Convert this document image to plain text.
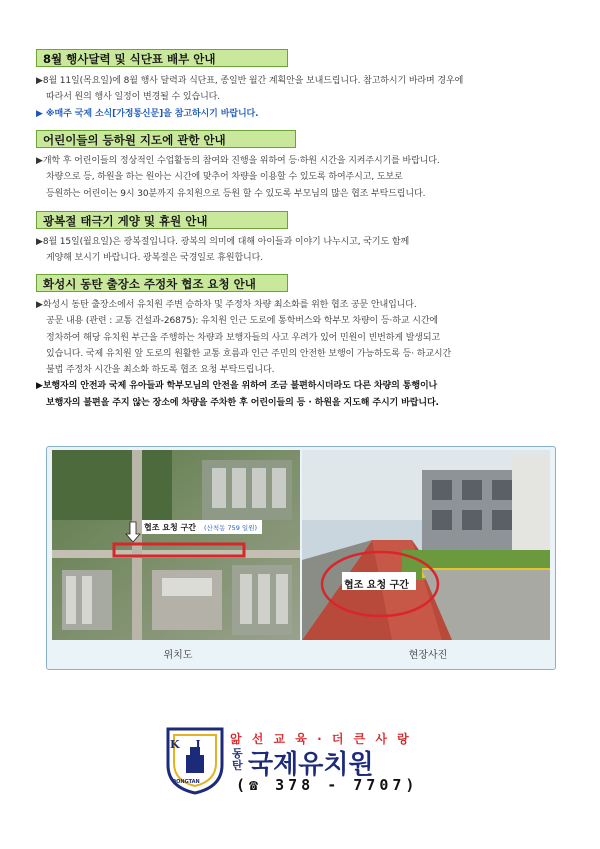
8월 행사달력 및 식단표 배부 안내

▶8월 11일(목요일)에 8월 행사 달력과 식단표, 종일반 월간 계획안을 보내드립니다. 참고하시기 바라며 경우에

따라서 원의 행사 일정이 변경될 수 있습니다.

▶ ※매주 국제 소식[가정통신문]을 참고하시기 바랍니다.

어린이들의 등하원 지도에 관한 안내

▶개학 후 어린이들의 정상적인 수업활동의 참여와 진행을 위하여 등·하원 시간을 지켜주시기를 바랍니다.

차량으로 등, 하원을 하는 원아는 시간에 맞추어 차량을 이용할 수 있도록 하여주시고, 도보로

등원하는 어린이는 9시 30분까지 유치원으로 등원 할 수 있도록 부모님의 많은 협조 부탁드립니다.

광복절 태극기 게양 및 휴원 안내

▶8월 15일(월요일)은 광복절입니다. 광복의 의미에 대해 아이들과 이야기 나누시고, 국기도 함께

게양해 보시기 바랍니다. 광복절은 국경일로 휴원합니다.

화성시 동탄 출장소 주정차 협조 요청 안내

▶화성시 동탄 출장소에서 유치원 주변 승하차 및 주정차 차량 최소화를 위한 협조 공문 안내입니다.

공문 내용 (관련 : 교통 건설과-26875): 유치원 인근 도로에 통학버스와 학부모 차량이 등·하교 시간에

정차하여 해당 유치원 부근을 주행하는 차량과 보행자들의 사고 우려가 있어 민원이 빈번하게 발생되고

있습니다. 국제 유치원 앞 도로의 원활한 교통 흐름과 인근 주민의 안전한 보행이 가능하도록 등· 하교시간

불법 주정차 시간을 최소화 하도록 협조 요청 부탁드립니다.

▶보행자의 안전과 국제 유아들과 학부모님의 안전을 위하여 조금 불편하시더라도 다른 차량의 통행이나

보행자의 불편을 주지 않는 장소에 차량을 주차한 후 어린이들의 등 · 하원을 지도해 주시기 바랍니다.

협조 요청 구간 (산척동 759 일원)
협조 요청 구간
위치도	현장사진
K J
DONGTAN
앎 선 교 육 · 더 큰 사 랑
동
탄 국제유치원
(☎ 378 - 7707)
